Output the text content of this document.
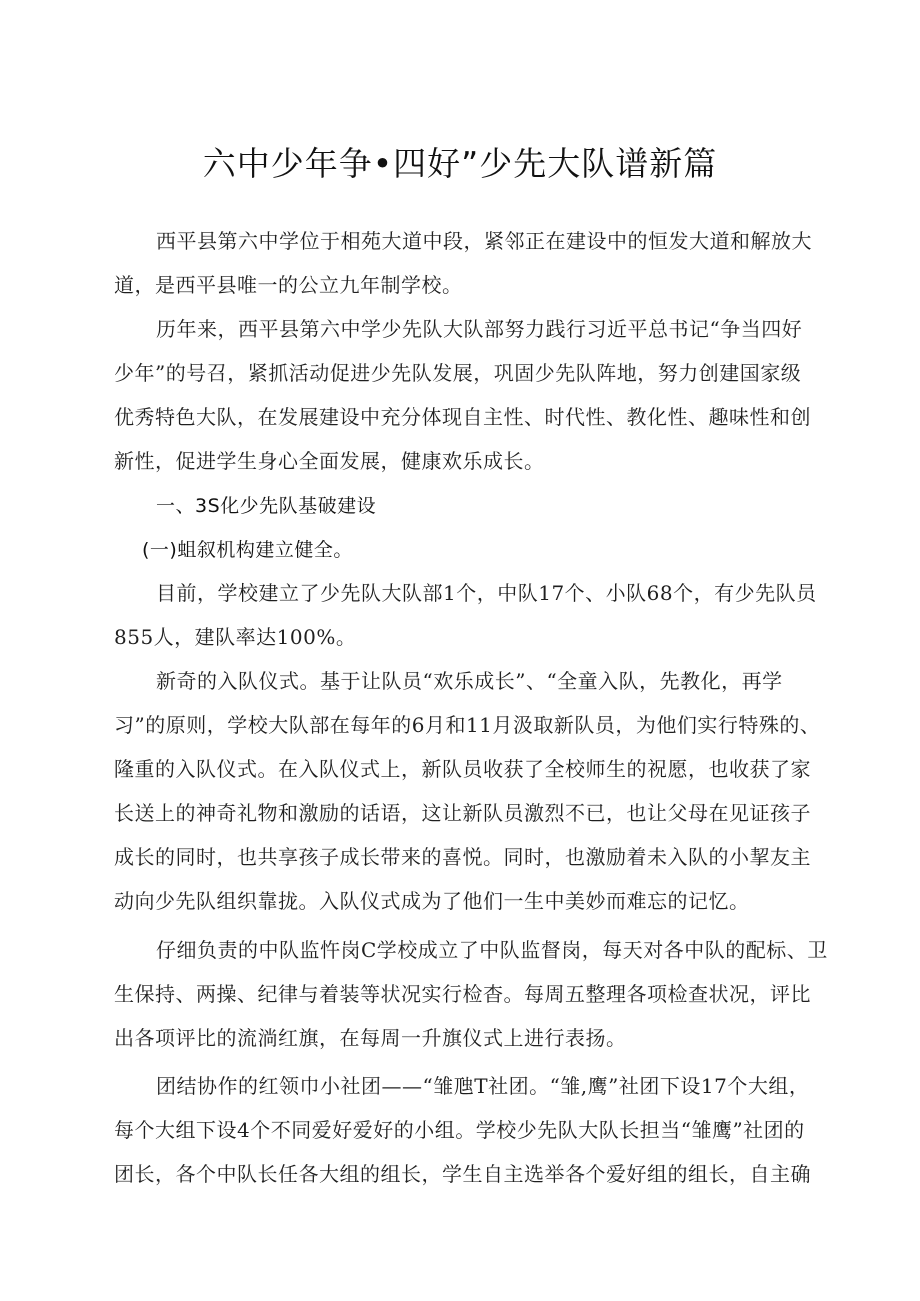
六中少年争•四好”少先大队谱新篇
西平县第六中学位于相苑大道中段，紧邻正在建设中的恒发大道和解放大
道，是西平县唯一的公立九年制学校。
历年来，西平县第六中学少先队大队部努力践行习近平总书记“争当四好
少年”的号召，紧抓活动促进少先队发展，巩固少先队阵地，努力创建国家级
优秀特色大队，在发展建设中充分体现自主性、时代性、教化性、趣味性和创
新性，促进学生身心全面发展，健康欢乐成长。
一、3S化少先队基破建设
(一)蛆叙机构建立健全。
目前，学校建立了少先队大队部1个，中队17个、小队68个，有少先队员
855人，建队率达100%。
新奇的入队仪式。基于让队员“欢乐成长”、“全童入队，先教化，再学
习”的原则，学校大队部在每年的6月和11月汲取新队员，为他们实行特殊的、
隆重的入队仪式。在入队仪式上，新队员收获了全校师生的祝愿，也收获了家
长送上的神奇礼物和激励的话语，这让新队员激烈不已，也让父母在见证孩子
成长的同时，也共享孩子成长带来的喜悦。同时，也激励着未入队的小挈友主
动向少先队组织靠拢。入队仪式成为了他们一生中美妙而难忘的记忆。
仔细负责的中队监忤岗C学校成立了中队监督岗，每天对各中队的配标、卫
生保持、两操、纪律与着装等状况实行检杳。每周五整理各项检查状况，评比
出各项评比的流淌红旗，在每周一升旗仪式上进行表扬。
团结协作的红领巾小社团——“雏虺T社团。“雏,鹰”社团下设17个大组，
每个大组下设4个不同爱好爱好的小组。学校少先队大队长担当“雏鹰”社团的
团长，各个中队长任各大组的组长，学生自主选举各个爱好组的组长，自主确
